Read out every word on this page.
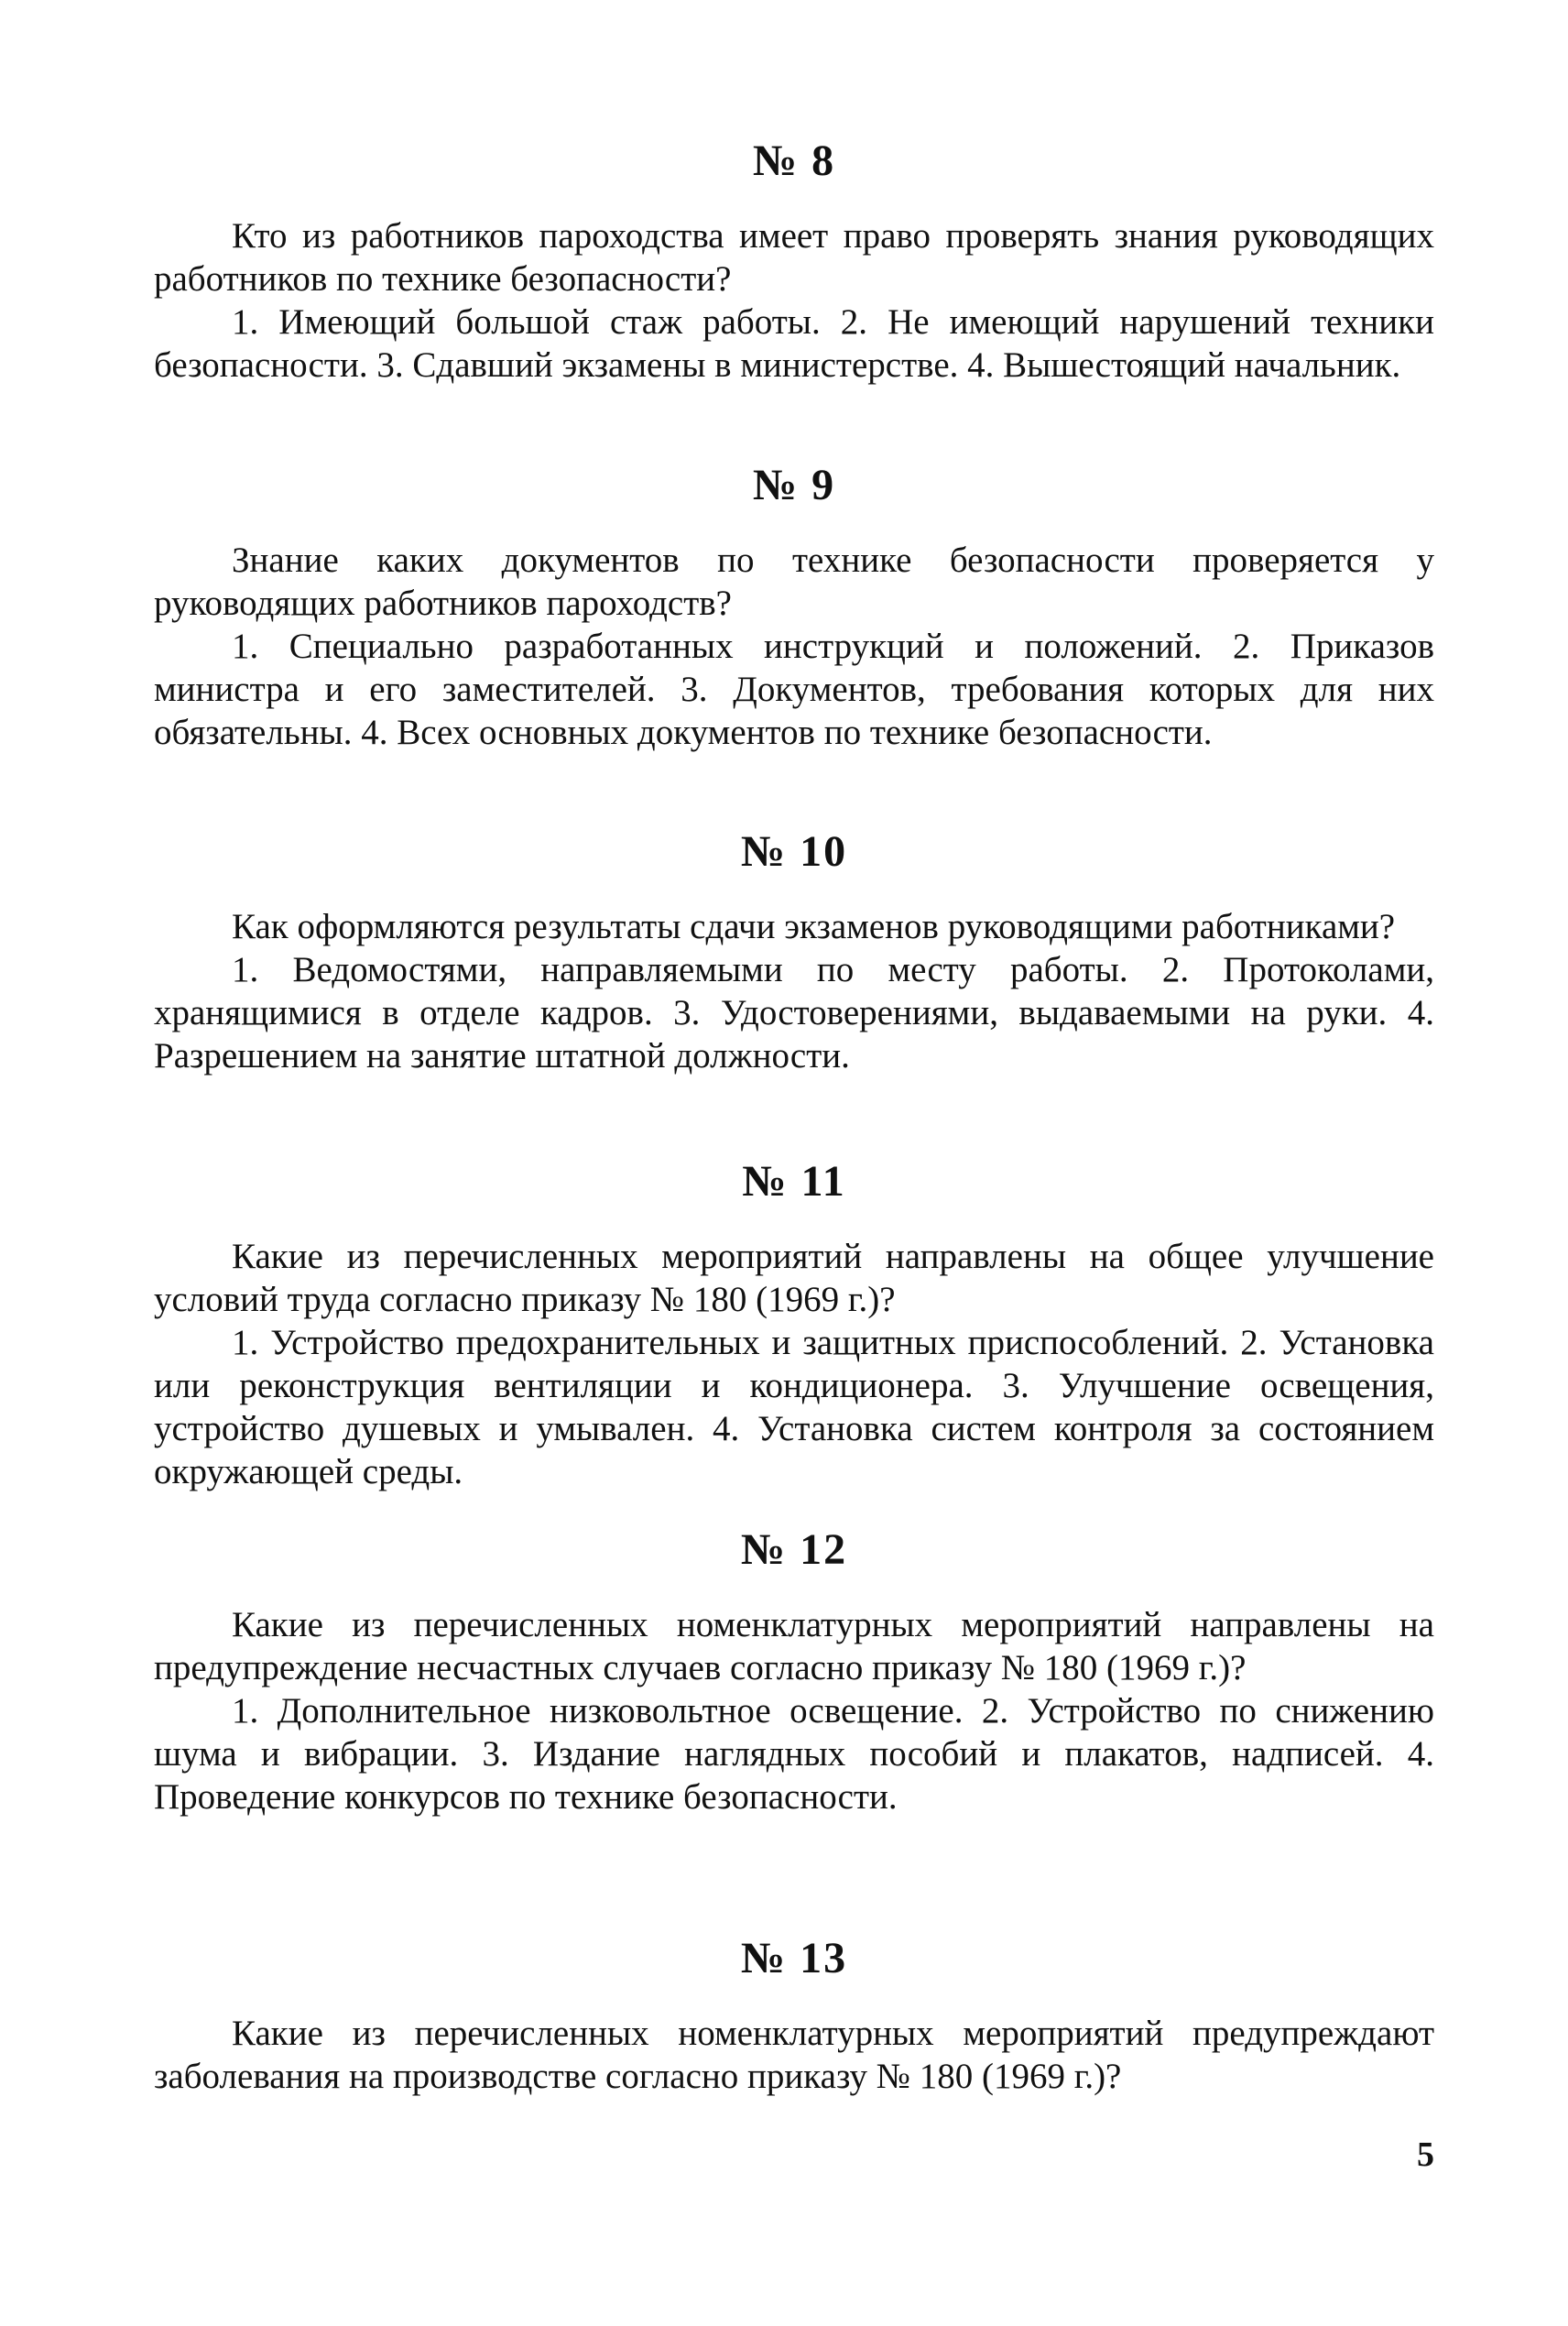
№ 8

Кто из работников пароходства имеет право проверять знания руководящих работников по технике безопасности?

1. Имеющий большой стаж работы. 2. Не имеющий нарушений техники безопасности. 3. Сдавший экзамены в министерстве. 4. Вышестоящий начальник.

№ 9

Знание каких документов по технике безопасности проверяется у руководящих работников пароходств?

1. Специально разработанных инструкций и положений. 2. Приказов министра и его заместителей. 3. Документов, требования которых для них обязательны. 4. Всех основных документов по технике безопасности.

№ 10

Как оформляются результаты сдачи экзаменов руководящими работниками?

1. Ведомостями, направляемыми по месту работы. 2. Протоколами, хранящимися в отделе кадров. 3. Удостоверениями, выдаваемыми на руки. 4. Разрешением на занятие штатной должности.

№ 11

Какие из перечисленных мероприятий направлены на общее улучшение условий труда согласно приказу № 180 (1969 г.)?

1. Устройство предохранительных и защитных приспособлений. 2. Установка или реконструкция вентиляции и кондиционера. 3. Улучшение освещения, устройство душевых и умывален. 4. Установка систем контроля за состоянием окружающей среды.

№ 12

Какие из перечисленных номенклатурных мероприятий направлены на предупреждение несчастных случаев согласно приказу № 180 (1969 г.)?

1. Дополнительное низковольтное освещение. 2. Устройство по снижению шума и вибрации. 3. Издание наглядных пособий и плакатов, надписей. 4. Проведение конкурсов по технике безопасности.

№ 13

Какие из перечисленных номенклатурных мероприятий предупреждают заболевания на производстве согласно приказу № 180 (1969 г.)?

5
